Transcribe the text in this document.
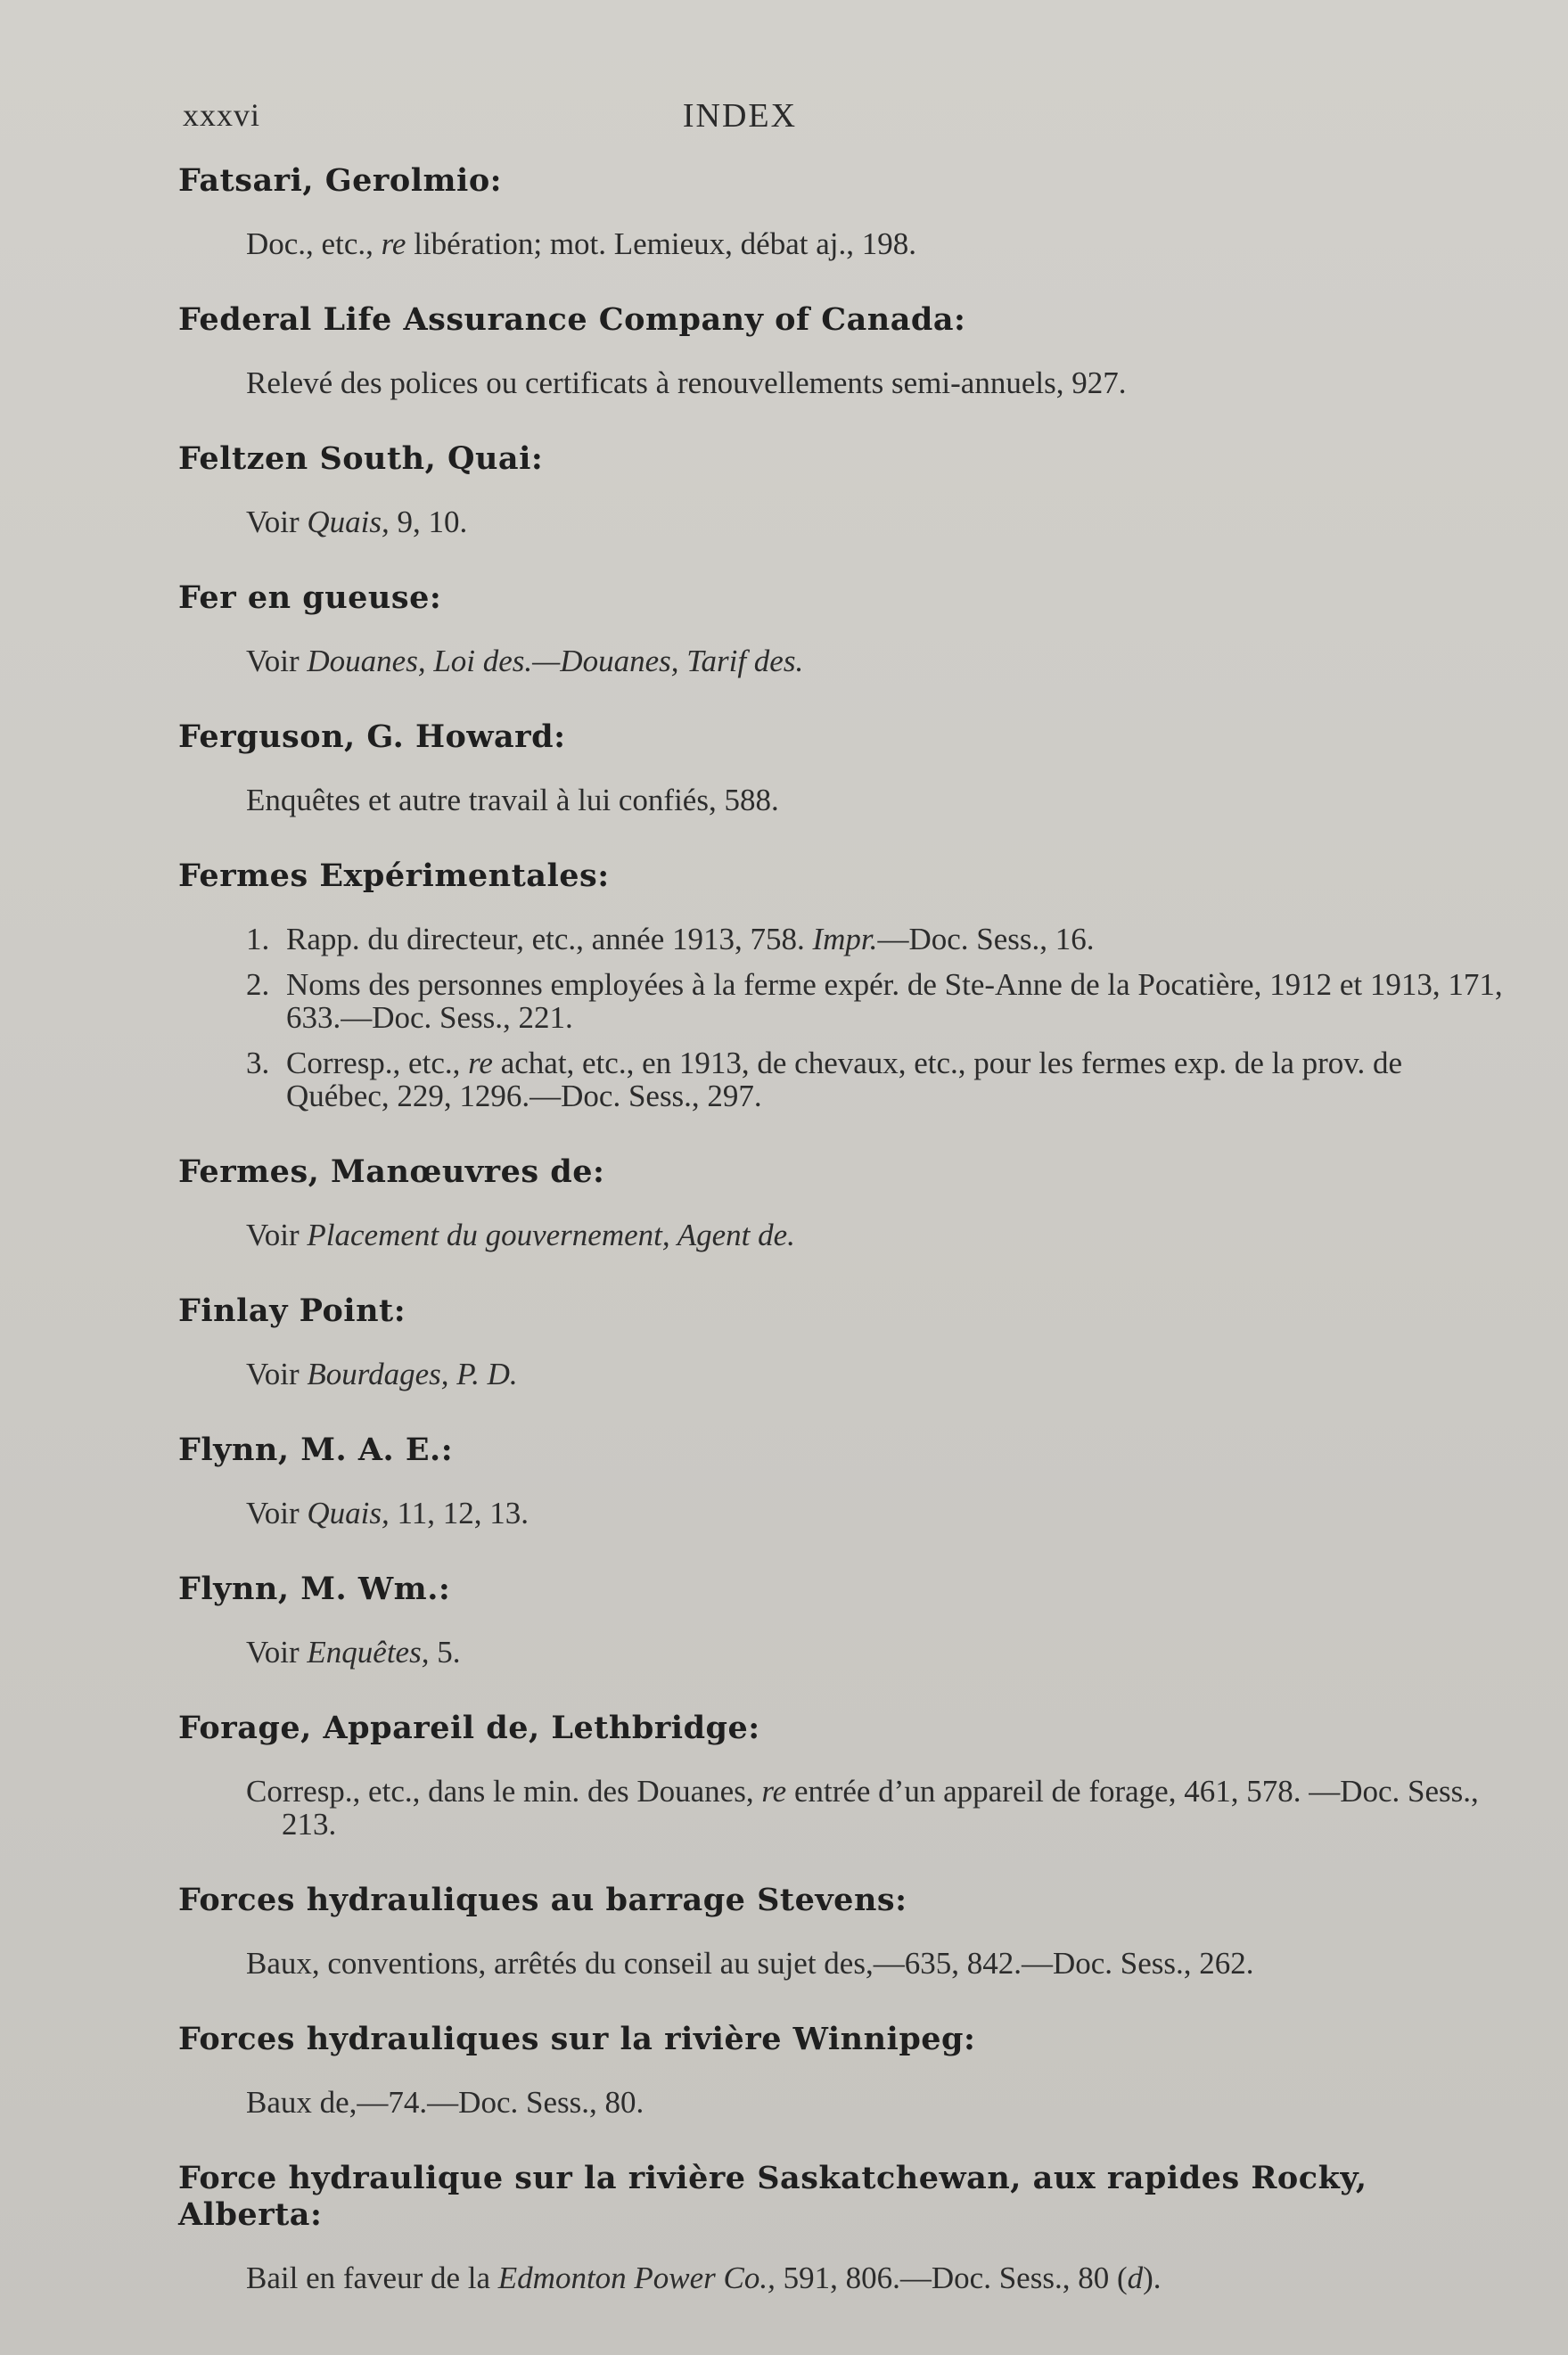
xxxvi	INDEX
Fatsari, Gerolmio:
Doc., etc., re libération; mot. Lemieux, débat aj., 198.
Federal Life Assurance Company of Canada:
Relevé des polices ou certificats à renouvellements semi-annuels, 927.
Feltzen South, Quai:
Voir Quais, 9, 10.
Fer en gueuse:
Voir Douanes, Loi des.—Douanes, Tarif des.
Ferguson, G. Howard:
Enquêtes et autre travail à lui confiés, 588.
Fermes Expérimentales:
1. Rapp. du directeur, etc., année 1913, 758. Impr.—Doc. Sess., 16.
2. Noms des personnes employées à la ferme expér. de Ste-Anne de la Pocatière, 1912 et 1913, 171, 633.—Doc. Sess., 221.
3. Corresp., etc., re achat, etc., en 1913, de chevaux, etc., pour les fermes exp. de la prov. de Québec, 229, 1296.—Doc. Sess., 297.
Fermes, Manœuvres de:
Voir Placement du gouvernement, Agent de.
Finlay Point:
Voir Bourdages, P. D.
Flynn, M. A. E.:
Voir Quais, 11, 12, 13.
Flynn, M. Wm.:
Voir Enquêtes, 5.
Forage, Appareil de, Lethbridge:
Corresp., etc., dans le min. des Douanes, re entrée d’un appareil de forage, 461, 578. —Doc. Sess., 213.
Forces hydrauliques au barrage Stevens:
Baux, conventions, arrêtés du conseil au sujet des,—635, 842.—Doc. Sess., 262.
Forces hydrauliques sur la rivière Winnipeg:
Baux de,—74.—Doc. Sess., 80.
Force hydraulique sur la rivière Saskatchewan, aux rapides Rocky, Alberta:
Bail en faveur de la Edmonton Power Co., 591, 806.—Doc. Sess., 80 (d).
